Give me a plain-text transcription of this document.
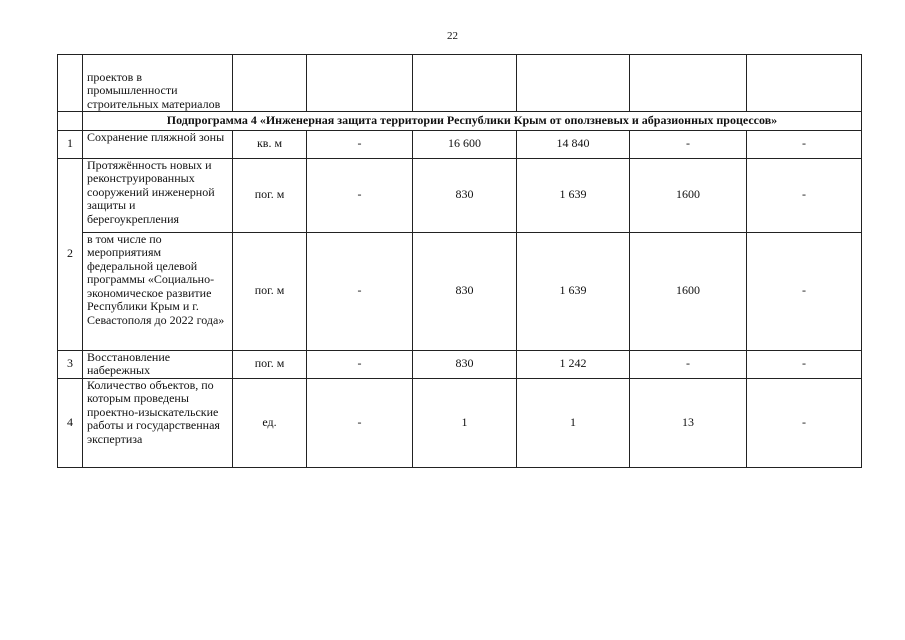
22
	проектов в промышленности строительных материалов						
	Подпрограмма 4 «Инженерная защита территории Республики Крым от оползневых и абразионных процессов»						
1	Сохранение пляжной зоны	кв. м	-	16 600	14 840	-	-
2	Протяжённость новых и реконструированных сооружений инженерной защиты и берегоукрепления	пог. м	-	830	1 639	1600	-
	в том числе по мероприятиям федеральной целевой программы «Социально-экономическое развитие Республики Крым и г. Севастополя до 2022 года»	пог. м	-	830	1 639	1600	-
3	Восстановление набережных	пог. м	-	830	1 242	-	-
4	Количество объектов, по которым проведены проектно-изыскательские работы и государственная экспертиза	ед.	-	1	1	13	-
